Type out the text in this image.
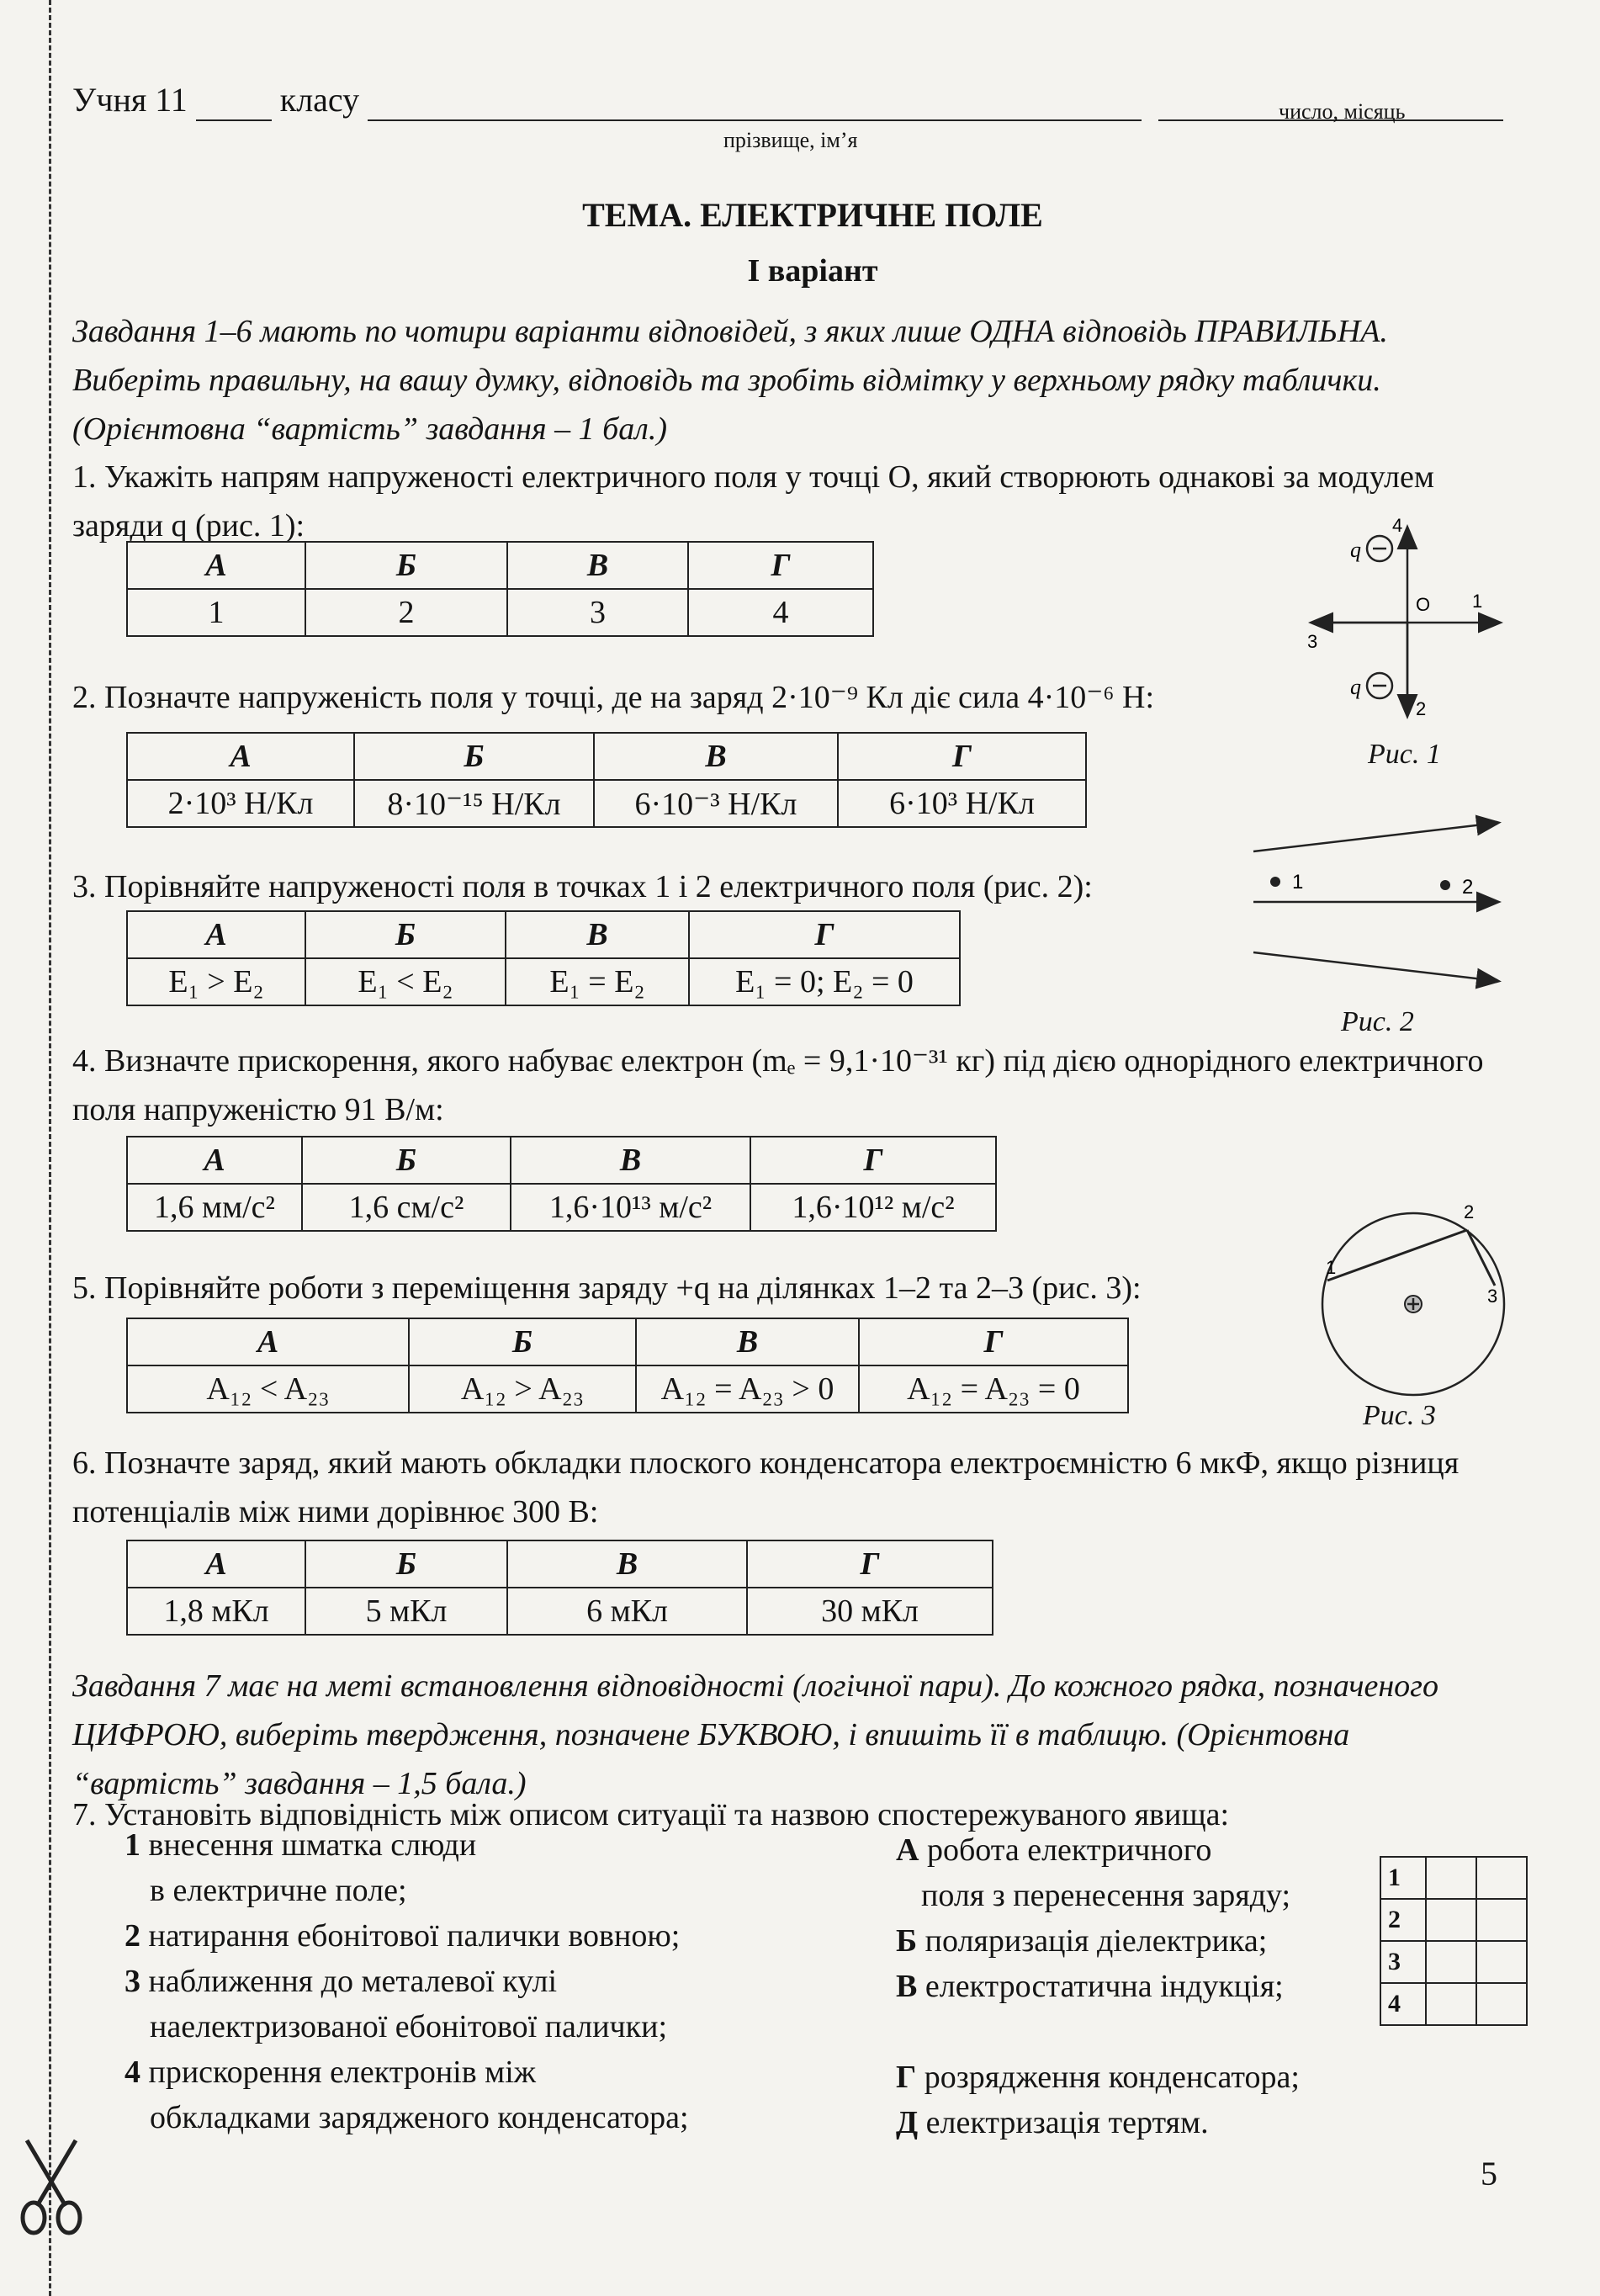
Учня 11	класу
прізвище, ім’я
число, місяць
ТЕМА. ЕЛЕКТРИЧНЕ ПОЛЕ
І варіант
Завдання 1–6 мають по чотири варіанти відповідей, з яких лише ОДНА відповідь ПРАВИЛЬНА. Виберіть правильну, на вашу думку, відповідь та зробіть відмітку у верхньому рядку таблички. (Орієнтовна “вартість” завдання – 1 бал.)
1. Укажіть напрям напруженості електричного поля у точці О, який створюють однакові за модулем заряди q (рис. 1):
А	Б	В	Г
1	2	3	4
q
q
O 1
2
3
4
Рис. 1
2. Позначте напруженість поля у точці, де на заряд 2·10⁻⁹ Кл діє сила 4·10⁻⁶ Н:
А	Б	В	Г
2·10³ Н/Кл	8·10⁻¹⁵ Н/Кл	6·10⁻³ Н/Кл	6·10³ Н/Кл
1	2
Рис. 2
3. Порівняйте напруженості поля в точках 1 і 2 електричного поля (рис. 2):
А	Б	В	Г
E₁ > E₂	E₁ < E₂	E₁ = E₂	E₁ = 0; E₂ = 0
4. Визначте прискорення, якого набуває електрон (mₑ = 9,1·10⁻³¹ кг) під дією однорідного електричного поля напруженістю 91 В/м:
А	Б	В	Г
1,6 мм/с²	1,6 см/с²	1,6·10¹³ м/с²	1,6·10¹² м/с²
1
2
3
Рис. 3
5. Порівняйте роботи з переміщення заряду +q на ділянках 1–2 та 2–3 (рис. 3):
А	Б	В	Г
A₁₂ < A₂₃	A₁₂ > A₂₃	A₁₂ = A₂₃ > 0	A₁₂ = A₂₃ = 0
6. Позначте заряд, який мають обкладки плоского конденсатора електроємністю 6 мкФ, якщо різниця потенціалів між ними дорівнює 300 В:
А	Б	В	Г
1,8 мКл	5 мКл	6 мКл	30 мКл
Завдання 7 має на меті встановлення відповідності (логічної пари). До кожного рядка, позначеного ЦИФРОЮ, виберіть твердження, позначене БУКВОЮ, і впишіть її в таблицю. (Орієнтовна “вартість” завдання – 1,5 бала.)
7. Установіть відповідність між описом ситуації та назвою спостережуваного явища:
1 внесення шматка слюди
в електричне поле;
2 натирання ебонітової палички вовною;
3 наближення до металевої кулі
наелектризованої ебонітової палички;
4 прискорення електронів між
обкладками зарядженого конденсатора;
А робота електричного
поля з перенесення заряду;
Б поляризація діелектрика;
В електростатична індукція;
Г розрядження конденсатора;
Д електризація тертям.
1		
2		
3		
4		
5
